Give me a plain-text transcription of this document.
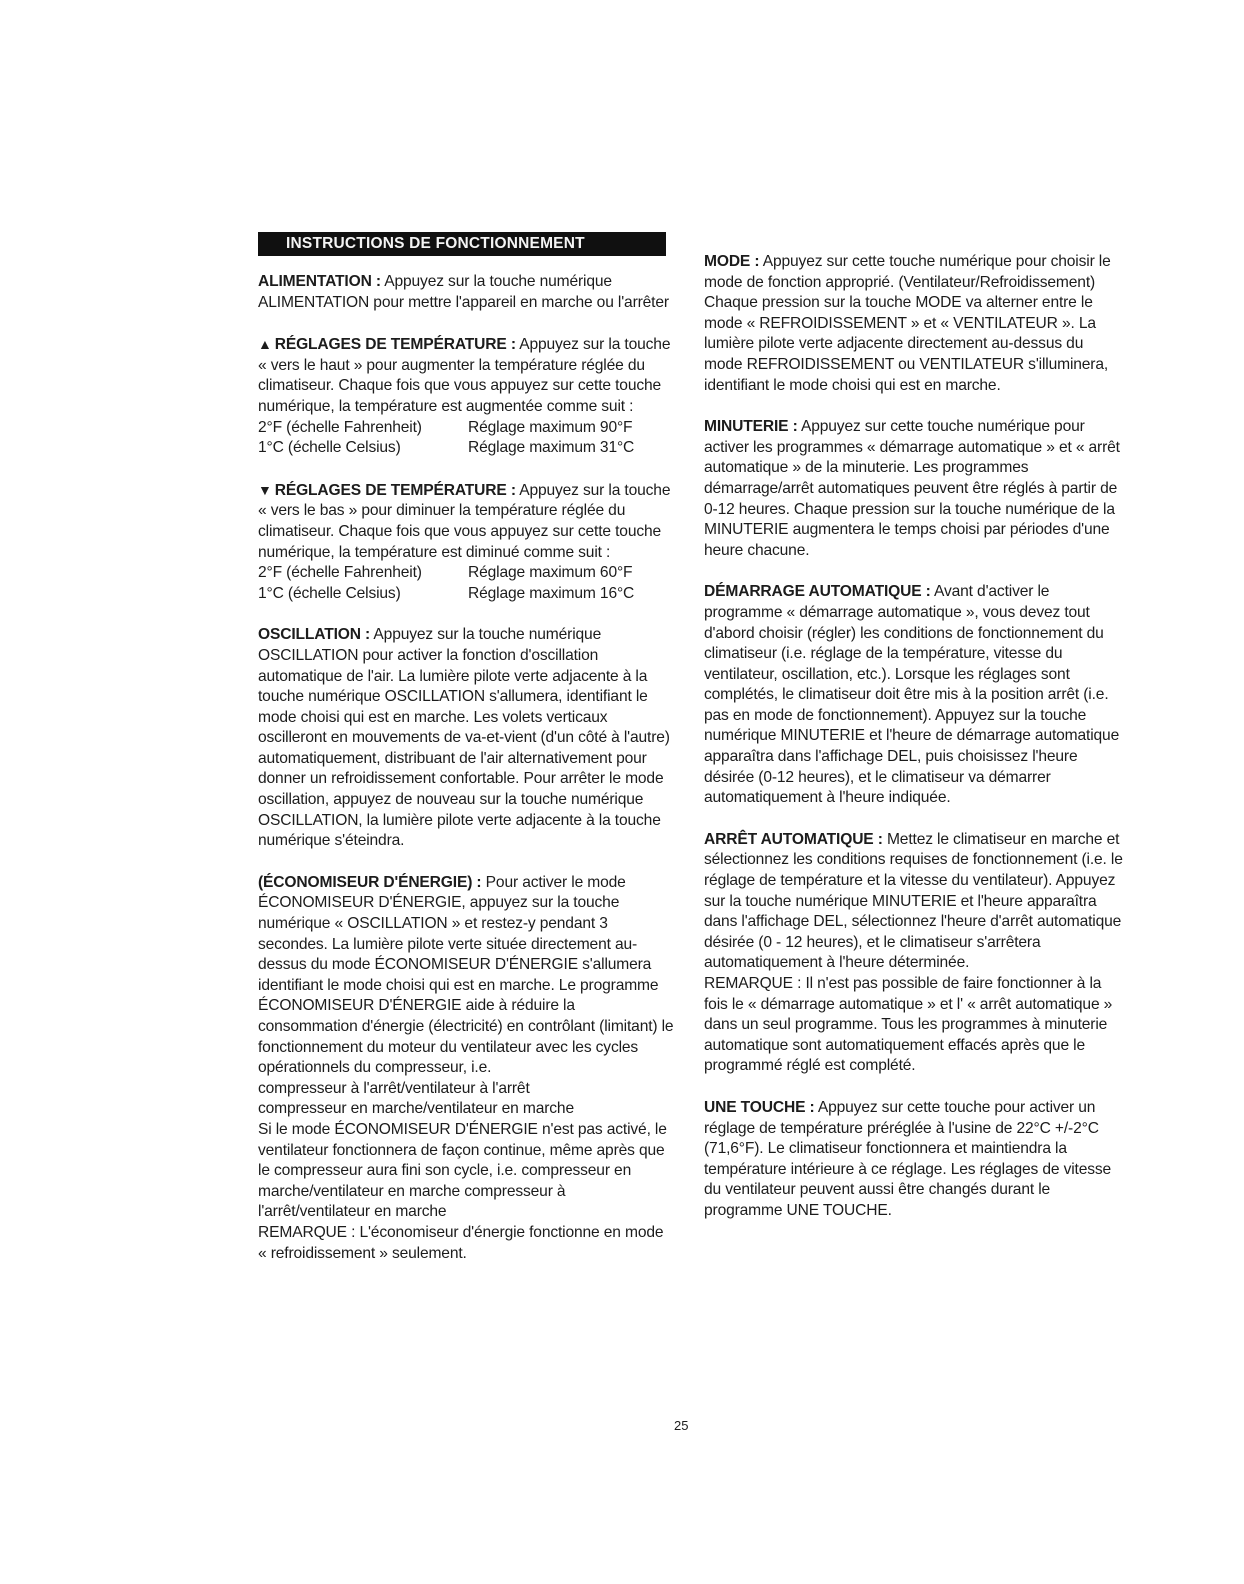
INSTRUCTIONS DE FONCTIONNEMENT

ALIMENTATION : Appuyez sur la touche numérique ALIMENTATION pour mettre l'appareil en marche ou l'arrêter

▲ RÉGLAGES DE TEMPÉRATURE : Appuyez sur la touche « vers le haut » pour augmenter la température réglée du climatiseur. Chaque fois que vous appuyez sur cette touche numérique, la température est augmentée comme suit :

2°F (échelle Fahrenheit)	Réglage maximum 90°F
1°C (échelle Celsius)	Réglage maximum 31°C

▼ RÉGLAGES DE TEMPÉRATURE : Appuyez sur la touche « vers le bas » pour diminuer la température réglée du climatiseur. Chaque fois que vous appuyez sur cette touche numérique, la température est diminué comme suit :

2°F (échelle Fahrenheit)	Réglage maximum 60°F
1°C (échelle Celsius)	Réglage maximum 16°C

OSCILLATION : Appuyez sur la touche numérique OSCILLATION pour activer la fonction d'oscillation automatique de l'air. La lumière pilote verte adjacente à la touche numérique OSCILLATION s'allumera, identifiant le mode choisi qui est en marche. Les volets verticaux oscilleront en mouvements de va-et-vient (d'un côté à l'autre) automatiquement, distribuant de l'air alternativement pour donner un refroidissement confortable. Pour arrêter le mode oscillation, appuyez de nouveau sur la touche numérique OSCILLATION, la lumière pilote verte adjacente à la touche numérique s'éteindra.

(ÉCONOMISEUR D'ÉNERGIE) : Pour activer le mode ÉCONOMISEUR D'ÉNERGIE, appuyez sur la touche numérique « OSCILLATION » et restez-y pendant 3 secondes. La lumière pilote verte située directement au-dessus du mode ÉCONOMISEUR D'ÉNERGIE s'allumera identifiant le mode choisi qui est en marche. Le programme ÉCONOMISEUR D'ÉNERGIE aide à réduire la consommation d'énergie (électricité) en contrôlant (limitant) le fonctionnement du moteur du ventilateur avec les cycles opérationnels du compresseur, i.e.

compresseur à l'arrêt/ventilateur à l'arrêt
compresseur en marche/ventilateur en marche

Si le mode ÉCONOMISEUR D'ÉNERGIE n'est pas activé, le ventilateur fonctionnera de façon continue, même après que le compresseur aura fini son cycle, i.e. compresseur en marche/ventilateur en marche compresseur à l'arrêt/ventilateur en marche

REMARQUE : L'économiseur d'énergie fonctionne en mode « refroidissement » seulement.

MODE : Appuyez sur cette touche numérique pour choisir le mode de fonction approprié. (Ventilateur/Refroidissement) Chaque pression sur la touche MODE va alterner entre le mode « REFROIDISSEMENT » et « VENTILATEUR ». La lumière pilote verte adjacente directement au-dessus du mode REFROIDISSEMENT ou VENTILATEUR s'illuminera, identifiant le mode choisi qui est en marche.

MINUTERIE : Appuyez sur cette touche numérique pour activer les programmes « démarrage automatique » et « arrêt automatique » de la minuterie. Les programmes démarrage/arrêt automatiques peuvent être réglés à partir de 0-12 heures. Chaque pression sur la touche numérique de la MINUTERIE augmentera le temps choisi par périodes d'une heure chacune.

DÉMARRAGE AUTOMATIQUE : Avant d'activer le programme « démarrage automatique », vous devez tout d'abord choisir (régler) les conditions de fonctionnement du climatiseur (i.e. réglage de la température, vitesse du ventilateur, oscillation, etc.). Lorsque les réglages sont complétés, le climatiseur doit être mis à la position arrêt (i.e. pas en mode de fonctionnement). Appuyez sur la touche numérique MINUTERIE et l'heure de démarrage automatique apparaîtra dans l'affichage DEL, puis choisissez l'heure désirée (0-12 heures), et le climatiseur va démarrer automatiquement à l'heure indiquée.

ARRÊT AUTOMATIQUE : Mettez le climatiseur en marche et sélectionnez les conditions requises de fonctionnement (i.e. le réglage de température et la vitesse du ventilateur). Appuyez sur la touche numérique MINUTERIE et l'heure apparaîtra dans l'affichage DEL, sélectionnez l'heure d'arrêt automatique désirée (0 - 12 heures), et le climatiseur s'arrêtera automatiquement à l'heure déterminée.

REMARQUE : Il n'est pas possible de faire fonctionner à la fois le « démarrage automatique » et l' « arrêt automatique » dans un seul programme. Tous les programmes à minuterie automatique sont automatiquement effacés après que le programmé réglé est complété.

UNE TOUCHE : Appuyez sur cette touche pour activer un réglage de température préréglée à l'usine de 22°C +/-2°C (71,6°F). Le climatiseur fonctionnera et maintiendra la température intérieure à ce réglage. Les réglages de vitesse du ventilateur peuvent aussi être changés durant le programme UNE TOUCHE.

25
